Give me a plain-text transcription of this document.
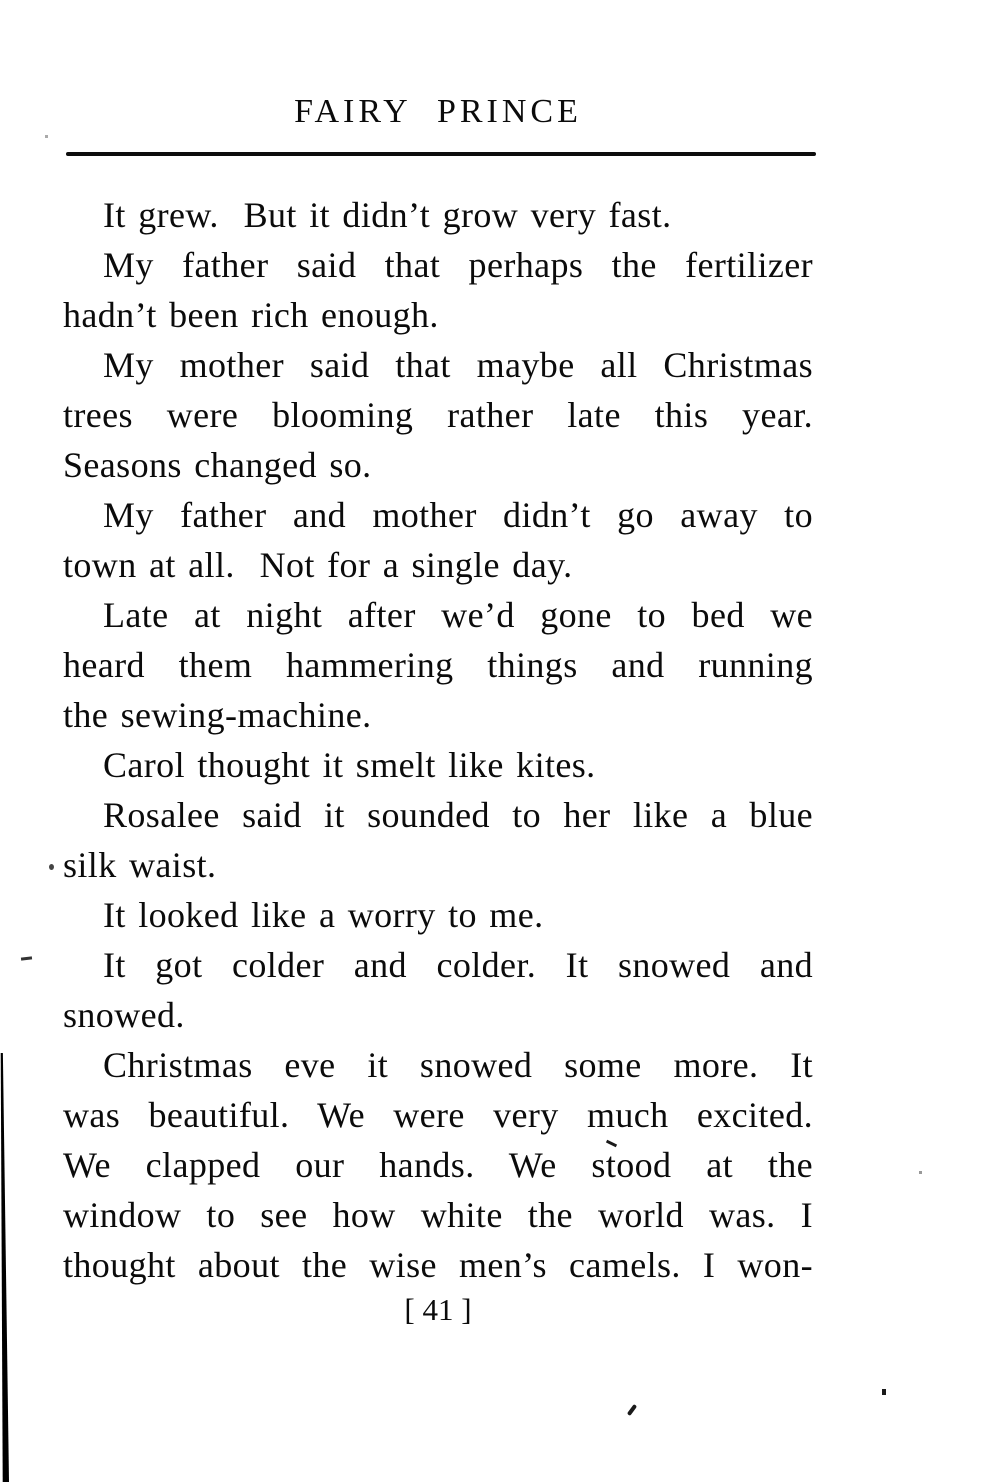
FAIRY PRINCE
It grew.  But it didn’t grow very fast.
My father said that perhaps the fertilizer
hadn’t been rich enough.
My mother said that maybe all Christmas
trees were blooming rather late this year.
Seasons changed so.
My father and mother didn’t go away to
town at all.  Not for a single day.
Late at night after we’d gone to bed we
heard them hammering things and running
the sewing-machine.
Carol thought it smelt like kites.
Rosalee said it sounded to her like a blue
silk waist.
It looked like a worry to me.
It got colder and colder. It snowed and
snowed.
Christmas eve it snowed some more. It
was beautiful. We were very much excited.
We clapped our hands. We stood at the
window to see how white the world was. I
thought about the wise men’s camels. I won-
[ 41 ]
